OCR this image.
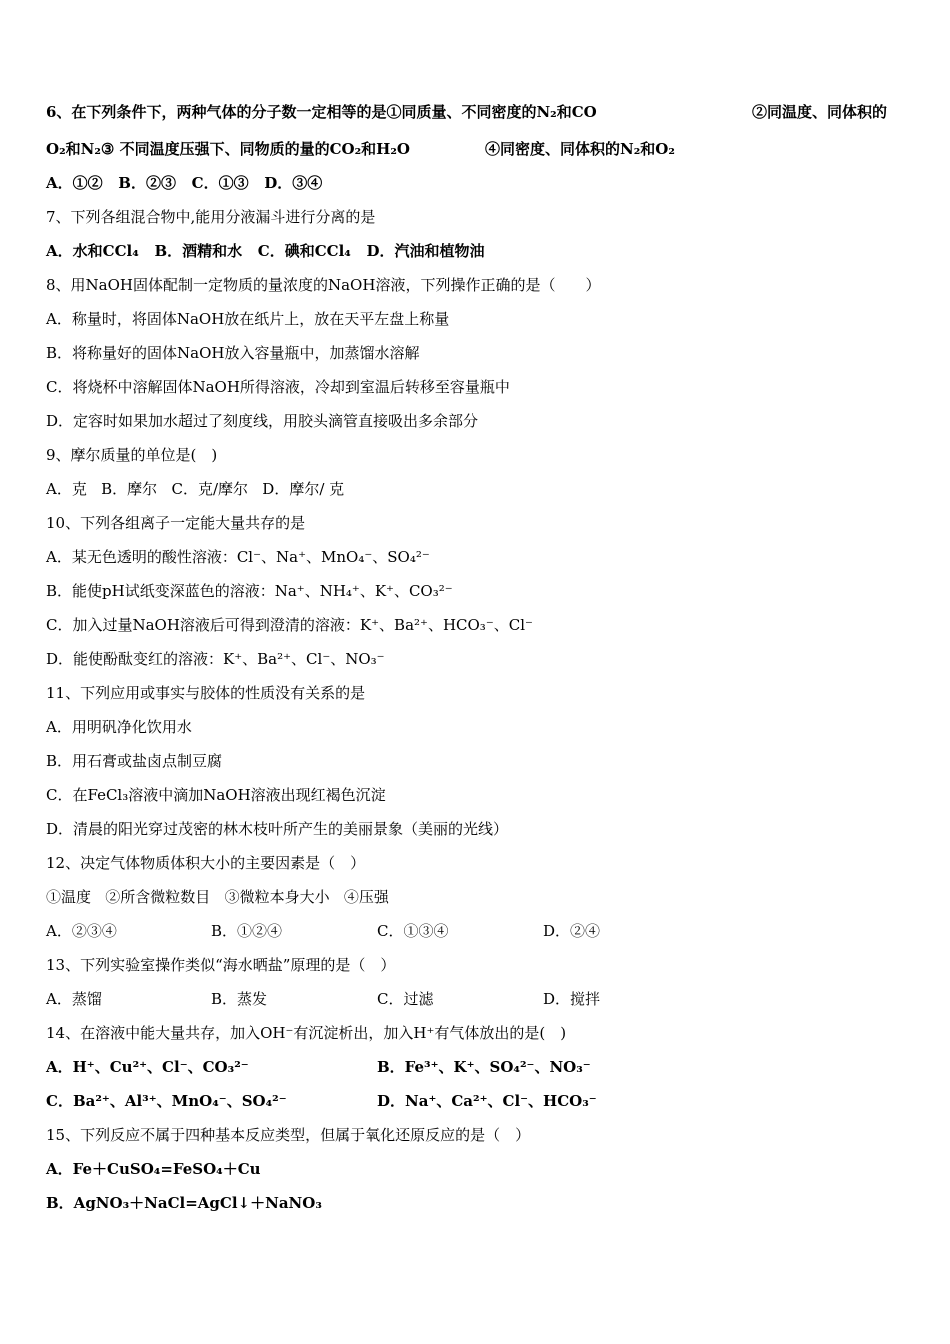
6、在下列条件下，两种气体的分子数一定相等的是①同质量、不同密度的N₂和CO	②同温度、同体积的
O₂和N₂③ 不同温度压强下、同物质的量的CO₂和H₂O	④同密度、同体积的N₂和O₂
A．①②   B．②③   C．①③   D．③④
7、下列各组混合物中,能用分液漏斗进行分离的是
A．水和CCl₄   B．酒精和水   C．碘和CCl₄   D．汽油和植物油
8、用NaOH固体配制一定物质的量浓度的NaOH溶液，下列操作正确的是（　　）
A．称量时，将固体NaOH放在纸片上，放在天平左盘上称量
B．将称量好的固体NaOH放入容量瓶中，加蒸馏水溶解
C．将烧杯中溶解固体NaOH所得溶液，冷却到室温后转移至容量瓶中
D．定容时如果加水超过了刻度线，用胶头滴管直接吸出多余部分
9、摩尔质量的单位是(　)
A．克   B．摩尔   C．克/摩尔   D．摩尔/ 克
10、下列各组离子一定能大量共存的是
A．某无色透明的酸性溶液：Cl⁻、Na⁺、MnO₄⁻、SO₄²⁻
B．能使pH试纸变深蓝色的溶液：Na⁺、NH₄⁺、K⁺、CO₃²⁻
C．加入过量NaOH溶液后可得到澄清的溶液：K⁺、Ba²⁺、HCO₃⁻、Cl⁻
D．能使酚酞变红的溶液：K⁺、Ba²⁺、Cl⁻、NO₃⁻
11、下列应用或事实与胶体的性质没有关系的是
A．用明矾净化饮用水
B．用石膏或盐卤点制豆腐
C．在FeCl₃溶液中滴加NaOH溶液出现红褐色沉淀
D．清晨的阳光穿过茂密的林木枝叶所产生的美丽景象（美丽的光线）
12、决定气体物质体积大小的主要因素是（　）
①温度   ②所含微粒数目   ③微粒本身大小   ④压强
A．②③④	B．①②④	C．①③④	D．②④
13、下列实验室操作类似“海水晒盐”原理的是（　）
A．蒸馏	B．蒸发	C．过滤	D．搅拌
14、在溶液中能大量共存，加入OH⁻有沉淀析出，加入H⁺有气体放出的是(　)
A．H⁺、Cu²⁺、Cl⁻、CO₃²⁻	B．Fe³⁺、K⁺、SO₄²⁻、NO₃⁻
C．Ba²⁺、Al³⁺、MnO₄⁻、SO₄²⁻	D．Na⁺、Ca²⁺、Cl⁻、HCO₃⁻
15、下列反应不属于四种基本反应类型，但属于氧化还原反应的是（　）
A．Fe＋CuSO₄=FeSO₄＋Cu
B．AgNO₃＋NaCl=AgCl↓＋NaNO₃
